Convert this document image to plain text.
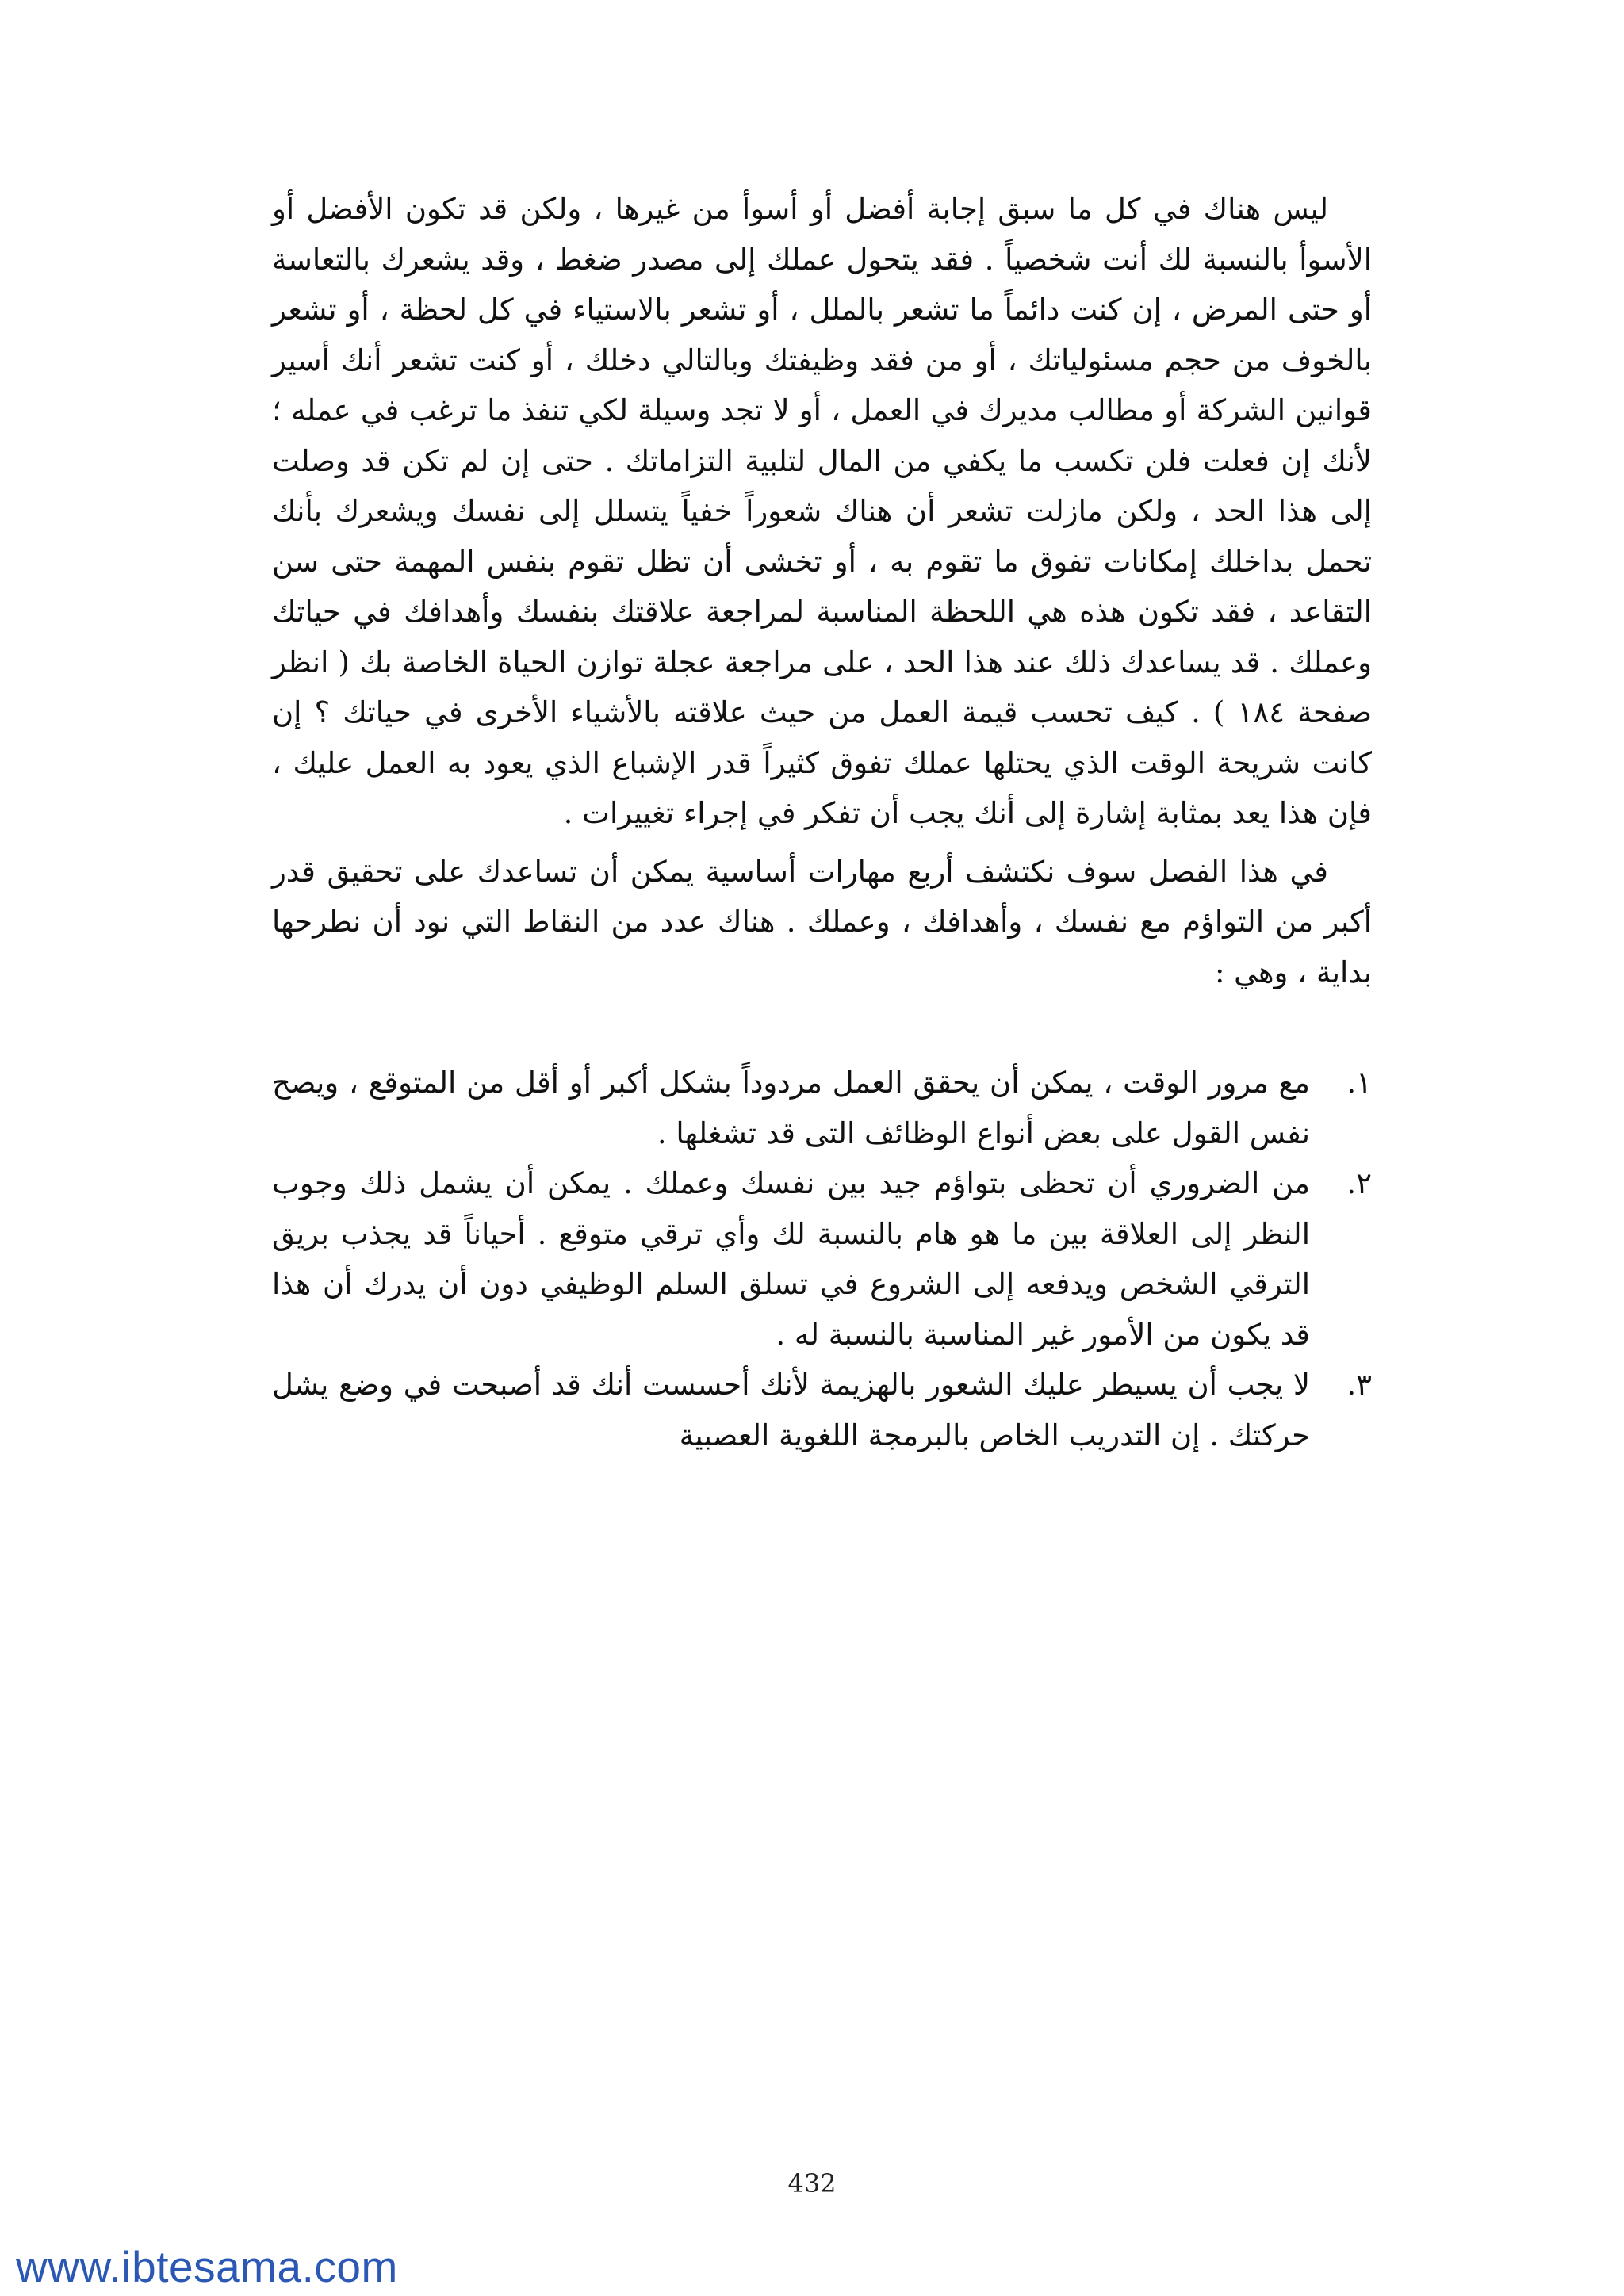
ليس هناك في كل ما سبق إجابة أفضل أو أسوأ من غيرها ، ولكن قد تكون الأفضل أو الأسوأ بالنسبة لك أنت شخصياً . فقد يتحول عملك إلى مصدر ضغط ، وقد يشعرك بالتعاسة أو حتى المرض ، إن كنت دائماً ما تشعر بالملل ، أو تشعر بالاستياء في كل لحظة ، أو تشعر بالخوف من حجم مسئولياتك ، أو من فقد وظيفتك وبالتالي دخلك ، أو كنت تشعر أنك أسير قوانين الشركة أو مطالب مديرك في العمل ، أو لا تجد وسيلة لكي تنفذ ما ترغب في عمله ؛ لأنك إن فعلت فلن تكسب ما يكفي من المال لتلبية التزاماتك . حتى إن لم تكن قد وصلت إلى هذا الحد ، ولكن مازلت تشعر أن هناك شعوراً خفياً يتسلل إلى نفسك ويشعرك بأنك تحمل بداخلك إمكانات تفوق ما تقوم به ، أو تخشى أن تظل تقوم بنفس المهمة حتى سن التقاعد ، فقد تكون هذه هي اللحظة المناسبة لمراجعة علاقتك بنفسك وأهدافك في حياتك وعملك . قد يساعدك ذلك عند هذا الحد ، على مراجعة عجلة توازن الحياة الخاصة بك ( انظر صفحة ١٨٤ ) . كيف تحسب قيمة العمل من حيث علاقته بالأشياء الأخرى في حياتك ؟ إن كانت شريحة الوقت الذي يحتلها عملك تفوق كثيراً قدر الإشباع الذي يعود به العمل عليك ، فإن هذا يعد بمثابة إشارة إلى أنك يجب أن تفكر في إجراء تغييرات .

في هذا الفصل سوف نكتشف أربع مهارات أساسية يمكن أن تساعدك على تحقيق قدر أكبر من التواؤم مع نفسك ، وأهدافك ، وعملك . هناك عدد من النقاط التي نود أن نطرحها بداية ، وهي :

١.
مع مرور الوقت ، يمكن أن يحقق العمل مردوداً بشكل أكبر أو أقل من المتوقع ، ويصح نفس القول على بعض أنواع الوظائف التى قد تشغلها .
٢.
من الضروري أن تحظى بتواؤم جيد بين نفسك وعملك . يمكن أن يشمل ذلك وجوب النظر إلى العلاقة بين ما هو هام بالنسبة لك وأي ترقي متوقع . أحياناً قد يجذب بريق الترقي الشخص ويدفعه إلى الشروع في تسلق السلم الوظيفي دون أن يدرك أن هذا قد يكون من الأمور غير المناسبة بالنسبة له .
٣.
لا يجب أن يسيطر عليك الشعور بالهزيمة لأنك أحسست أنك قد أصبحت في وضع يشل حركتك . إن التدريب الخاص بالبرمجة اللغوية العصبية
432
www.ibtesama.com
